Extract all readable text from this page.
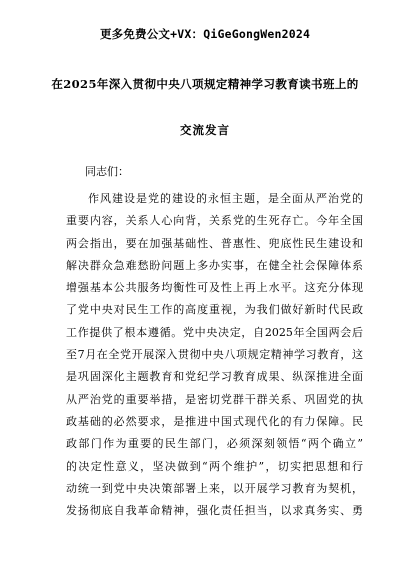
更多免费公文+VX：QiGeGongWen2024
在2025年深入贯彻中央八项规定精神学习教育读书班上的
交流发言
同志们：
作风建设是党的建设的永恒主题，是全面从严治党的
重要内容，关系人心向背，关系党的生死存亡。今年全国
两会指出，要在加强基础性、普惠性、兜底性民生建设和
解决群众急难愁盼问题上多办实事，在健全社会保障体系
增强基本公共服务均衡性可及性上再上水平。这充分体现
了党中央对民生工作的高度重视，为我们做好新时代民政
工作提供了根本遵循。党中央决定，自2025年全国两会后
至7月在全党开展深入贯彻中央八项规定精神学习教育，这
是巩固深化主题教育和党纪学习教育成果、纵深推进全面
从严治党的重要举措，是密切党群干群关系、巩固党的执
政基础的必然要求，是推进中国式现代化的有力保障。民
政部门作为重要的民生部门，必须深刻领悟“两个确立”
的决定性意义，坚决做到“两个维护”，切实把思想和行
动统一到党中央决策部署上来，以开展学习教育为契机，
发扬彻底自我革命精神，强化责任担当，以求真务实、勇
